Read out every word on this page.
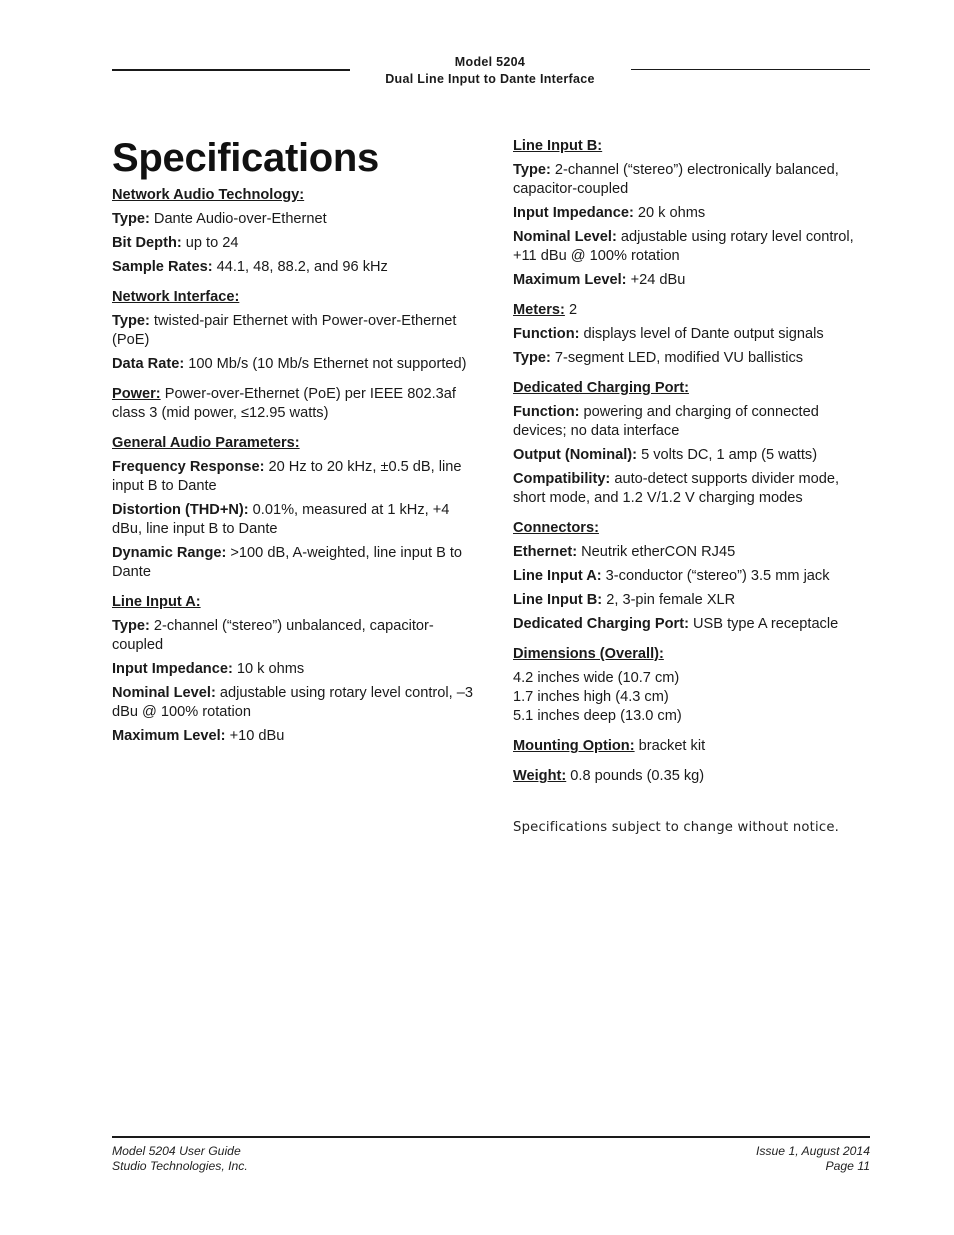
Model 5204
Dual Line Input to Dante Interface
Specifications
Network Audio Technology:
Type: Dante Audio-over-Ethernet
Bit Depth: up to 24
Sample Rates: 44.1, 48, 88.2, and 96 kHz
Network Interface:
Type: twisted-pair Ethernet with Power-over-Ethernet (PoE)
Data Rate: 100 Mb/s (10 Mb/s Ethernet not supported)
Power: Power-over-Ethernet (PoE) per IEEE 802.3af class 3 (mid power, ≤12.95 watts)
General Audio Parameters:
Frequency Response: 20 Hz to 20 kHz, ±0.5 dB, line input B to Dante
Distortion (THD+N): 0.01%, measured at 1 kHz, +4 dBu, line input B to Dante
Dynamic Range: >100 dB, A-weighted, line input B to Dante
Line Input A:
Type: 2-channel (“stereo”) unbalanced, capacitor-coupled
Input Impedance: 10 k ohms
Nominal Level: adjustable using rotary level control, –3 dBu @ 100% rotation
Maximum Level: +10 dBu
Line Input B:
Type: 2-channel (“stereo”) electronically balanced, capacitor-coupled
Input Impedance: 20 k ohms
Nominal Level: adjustable using rotary level control, +11 dBu @ 100% rotation
Maximum Level: +24 dBu
Meters: 2
Function: displays level of Dante output signals
Type: 7-segment LED, modified VU ballistics
Dedicated Charging Port:
Function: powering and charging of connected devices; no data interface
Output (Nominal): 5 volts DC, 1 amp (5 watts)
Compatibility: auto-detect supports divider mode, short mode, and 1.2 V/1.2 V charging modes
Connectors:
Ethernet: Neutrik etherCON RJ45
Line Input A: 3-conductor (“stereo”) 3.5 mm jack
Line Input B: 2, 3-pin female XLR
Dedicated Charging Port: USB type A receptacle
Dimensions (Overall):
4.2 inches wide (10.7 cm)
1.7 inches high (4.3 cm)
5.1 inches deep (13.0 cm)
Mounting Option: bracket kit
Weight: 0.8 pounds (0.35 kg)
Specifications subject to change without notice.
Model 5204 User Guide
Studio Technologies, Inc.
Issue 1, August 2014
Page 11
